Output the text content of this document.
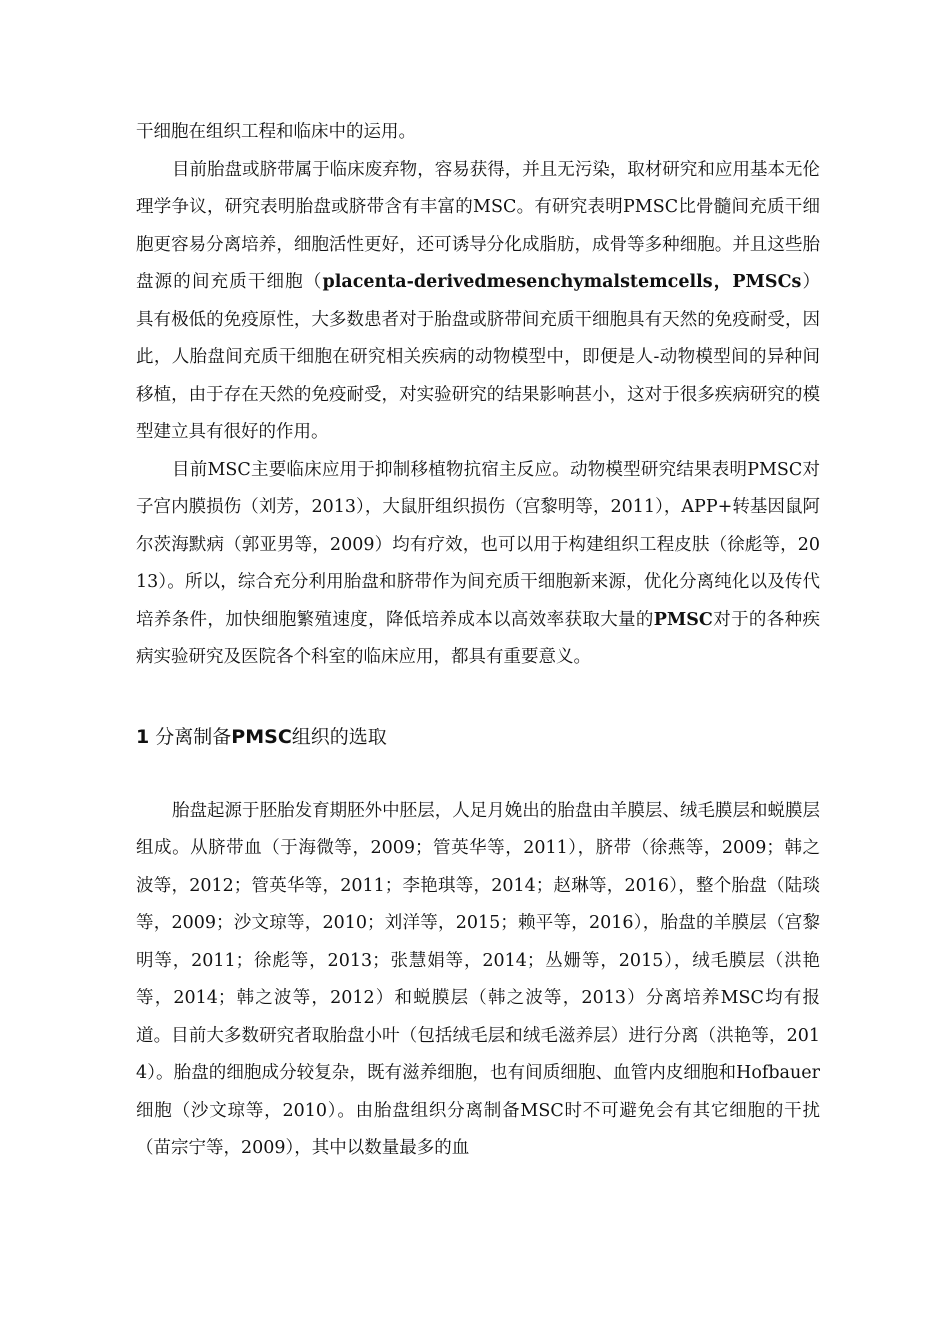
干细胞在组织工程和临床中的运用。

目前胎盘或脐带属于临床废弃物，容易获得，并且无污染，取材研究和应用基本无伦理学争议，研究表明胎盘或脐带含有丰富的MSC。有研究表明PMSC比骨髓间充质干细胞更容易分离培养，细胞活性更好，还可诱导分化成脂肪，成骨等多种细胞。并且这些胎盘源的间充质干细胞（placenta-derivedmesenchymalstemcells，PMSCs）具有极低的免疫原性，大多数患者对于胎盘或脐带间充质干细胞具有天然的免疫耐受，因此，人胎盘间充质干细胞在研究相关疾病的动物模型中，即便是人-动物模型间的异种间移植，由于存在天然的免疫耐受，对实验研究的结果影响甚小，这对于很多疾病研究的模型建立具有很好的作用。

目前MSC主要临床应用于抑制移植物抗宿主反应。动物模型研究结果表明PMSC对子宫内膜损伤（刘芳，2013），大鼠肝组织损伤（宫黎明等，2011），APP+转基因鼠阿尔茨海默病（郭亚男等，2009）均有疗效，也可以用于构建组织工程皮肤（徐彪等，2013）。所以，综合充分利用胎盘和脐带作为间充质干细胞新来源，优化分离纯化以及传代培养条件，加快细胞繁殖速度，降低培养成本以高效率获取大量的PMSC对于的各种疾病实验研究及医院各个科室的临床应用，都具有重要意义。

1 分离制备PMSC组织的选取

胎盘起源于胚胎发育期胚外中胚层，人足月娩出的胎盘由羊膜层、绒毛膜层和蜕膜层组成。从脐带血（于海微等，2009；管英华等，2011），脐带（徐燕等，2009；韩之波等，2012；管英华等，2011；李艳琪等，2014；赵琳等，2016），整个胎盘（陆琰等，2009；沙文琼等，2010；刘洋等，2015；赖平等，2016），胎盘的羊膜层（宫黎明等，2011；徐彪等，2013；张慧娟等，2014；丛姗等，2015），绒毛膜层（洪艳等，2014；韩之波等，2012）和蜕膜层（韩之波等，2013）分离培养MSC均有报道。目前大多数研究者取胎盘小叶（包括绒毛层和绒毛滋养层）进行分离（洪艳等，2014）。胎盘的细胞成分较复杂，既有滋养细胞，也有间质细胞、血管内皮细胞和Hofbauer细胞（沙文琼等，2010）。由胎盘组织分离制备MSC时不可避免会有其它细胞的干扰（苗宗宁等，2009），其中以数量最多的血
